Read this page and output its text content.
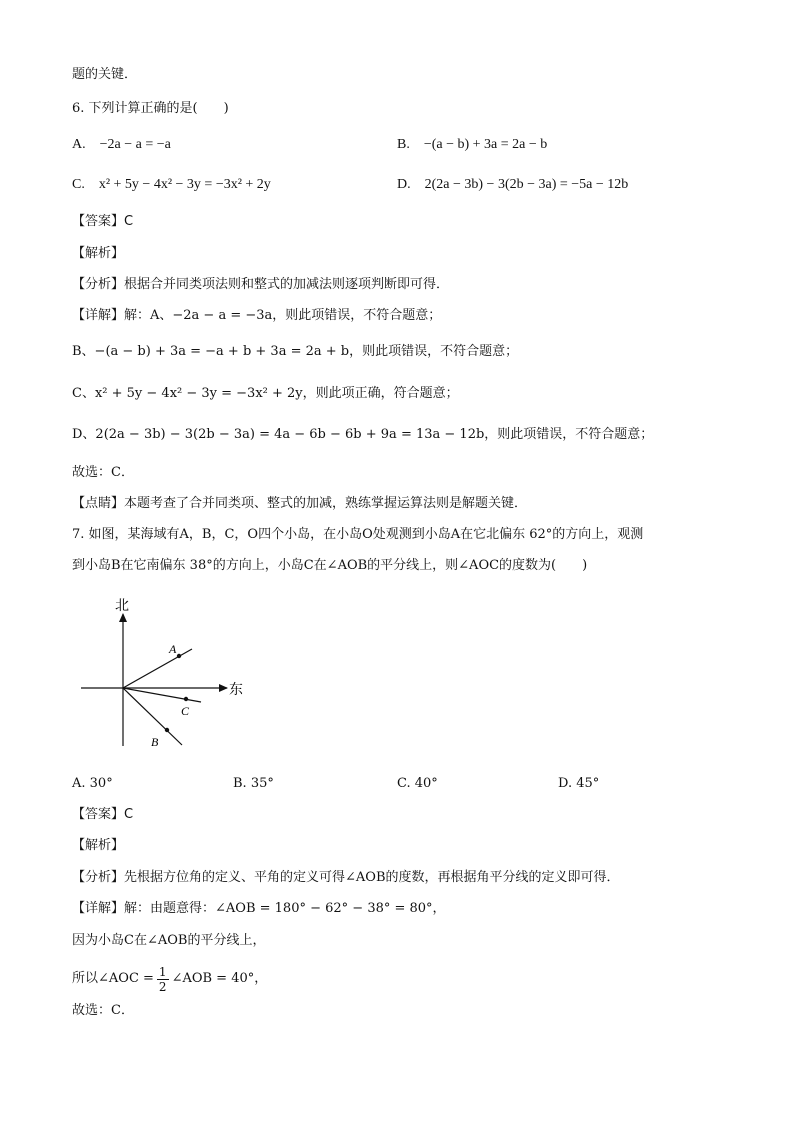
题的关键．
6. 下列计算正确的是(　　)
A.　−2a − a = −a	B.　−(a − b) + 3a = 2a − b
C.　x² + 5y − 4x² − 3y = −3x² + 2y	D.　2(2a − 3b) − 3(2b − 3a) = −5a − 12b
【答案】C
【解析】
【分析】根据合并同类项法则和整式的加减法则逐项判断即可得．
【详解】解：A、−2a − a = −3a，则此项错误，不符合题意；
B、−(a − b) + 3a = −a + b + 3a = 2a + b，则此项错误，不符合题意；
C、x² + 5y − 4x² − 3y = −3x² + 2y，则此项正确，符合题意；
D、2(2a − 3b) − 3(2b − 3a) = 4a − 6b − 6b + 9a = 13a − 12b，则此项错误，不符合题意；
故选：C．
【点睛】本题考查了合并同类项、整式的加减，熟练掌握运算法则是解题关键．
7. 如图，某海域有A，B，C，O四个小岛，在小岛O处观测到小岛A在它北偏东 62°的方向上，观测
到小岛B在它南偏东 38°的方向上，小岛C在∠AOB的平分线上，则∠AOC的度数为(　　)
北
东
A
C
B
A. 30°	B. 35°	C. 40°	D. 45°
【答案】C
【解析】
【分析】先根据方位角的定义、平角的定义可得∠AOB的度数，再根据角平分线的定义即可得．
【详解】解：由题意得：∠AOB = 180° − 62° − 38° = 80°，
因为小岛C在∠AOB的平分线上，
所以∠AOC = $\frac{1}{2}$ ∠AOB = 40°，
故选：C．
